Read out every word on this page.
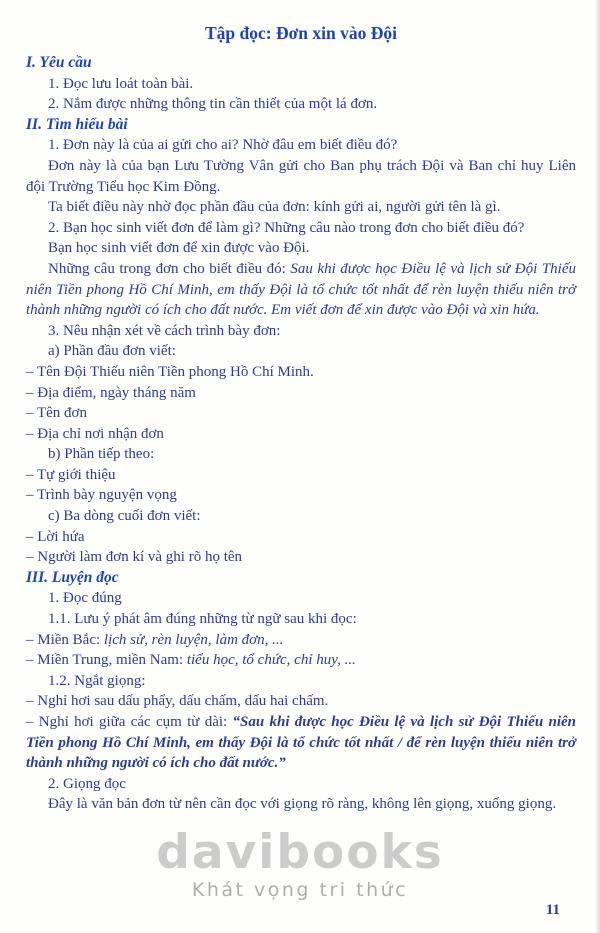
Tập đọc: Đơn xin vào Đội

I. Yêu cầu

1. Đọc lưu loát toàn bài.

2. Nắm được những thông tin cần thiết của một lá đơn.

II. Tìm hiểu bài

1. Đơn này là của ai gửi cho ai? Nhờ đâu em biết điều đó?

Đơn này là của bạn Lưu Tường Vân gửi cho Ban phụ trách Đội và Ban chỉ huy Liên đội Trường Tiểu học Kim Đồng.

Ta biết điều này nhờ đọc phần đầu của đơn: kính gửi ai, người gửi tên là gì.

2. Bạn học sinh viết đơn để làm gì? Những câu nào trong đơn cho biết điều đó?

Bạn học sinh viết đơn để xin được vào Đội.

Những câu trong đơn cho biết điều đó: Sau khi được học Điều lệ và lịch sử Đội Thiếu niên Tiền phong Hồ Chí Minh, em thấy Đội là tổ chức tốt nhất để rèn luyện thiếu niên trở thành những người có ích cho đất nước. Em viết đơn để xin được vào Đội và xin hứa.

3. Nêu nhận xét về cách trình bày đơn:

a) Phần đầu đơn viết:

– Tên Đội Thiếu niên Tiền phong Hồ Chí Minh.

– Địa điểm, ngày tháng năm

– Tên đơn

– Địa chỉ nơi nhận đơn

b) Phần tiếp theo:

– Tự giới thiệu

– Trình bày nguyện vọng

c) Ba dòng cuối đơn viết:

– Lời hứa

– Người làm đơn kí và ghi rõ họ tên

III. Luyện đọc

1. Đọc đúng

1.1. Lưu ý phát âm đúng những từ ngữ sau khi đọc:

– Miền Bắc: lịch sử, rèn luyện, làm đơn, ...

– Miền Trung, miền Nam: tiểu học, tổ chức, chỉ huy, ...

1.2. Ngắt giọng:

– Nghỉ hơi sau dấu phẩy, dấu chấm, dấu hai chấm.

– Nghỉ hơi giữa các cụm từ dài: “Sau khi được học Điều lệ và lịch sử Đội Thiếu niên Tiền phong Hồ Chí Minh, em thấy Đội là tổ chức tốt nhất / để rèn luyện thiếu niên trở thành những người có ích cho đất nước.”

2. Giọng đọc

Đây là văn bản đơn từ nên cần đọc với giọng rõ ràng, không lên giọng, xuống giọng.

davibooks
Khát vọng tri thức
11
